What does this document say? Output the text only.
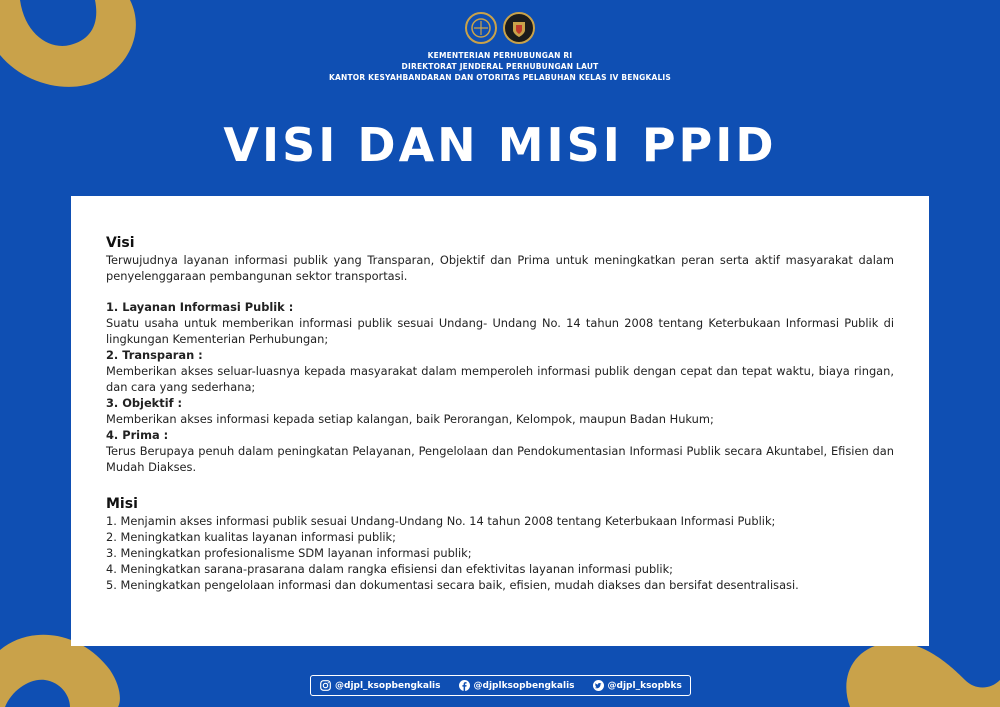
KEMENTERIAN PERHUBUNGAN RI
DIREKTORAT JENDERAL PERHUBUNGAN LAUT
KANTOR KESYAHBANDARAN DAN OTORITAS PELABUHAN KELAS IV BENGKALIS
VISI DAN MISI PPID

Visi

Terwujudnya layanan informasi publik yang Transparan, Objektif dan Prima untuk meningkatkan peran serta aktif masyarakat dalam penyelenggaraan pembangunan sektor transportasi.

1. Layanan Informasi Publik :

Suatu usaha untuk memberikan informasi publik sesuai Undang- Undang No. 14 tahun 2008 tentang Keterbukaan Informasi Publik di lingkungan Kementerian Perhubungan;

2. Transparan :

Memberikan akses seluar-luasnya kepada masyarakat dalam memperoleh informasi publik dengan cepat dan tepat waktu, biaya ringan, dan cara yang sederhana;

3. Objektif :

Memberikan akses informasi kepada setiap kalangan, baik Perorangan, Kelompok, maupun Badan Hukum;

4. Prima :

Terus Berupaya penuh dalam peningkatan Pelayanan, Pengelolaan dan Pendokumentasian Informasi Publik secara Akuntabel, Efisien dan Mudah Diakses.

Misi

1. Menjamin akses informasi publik sesuai Undang-Undang No. 14 tahun 2008 tentang Keterbukaan Informasi Publik;

2. Meningkatkan kualitas layanan informasi publik;

3. Meningkatkan profesionalisme SDM layanan informasi publik;

4. Meningkatkan sarana-prasarana dalam rangka efisiensi dan efektivitas layanan informasi publik;

5. Meningkatkan pengelolaan informasi dan dokumentasi secara baik, efisien, mudah diakses dan bersifat desentralisasi.

@djpl_ksopbengkalis	@djplksopbengkalis	@djpl_ksopbks
